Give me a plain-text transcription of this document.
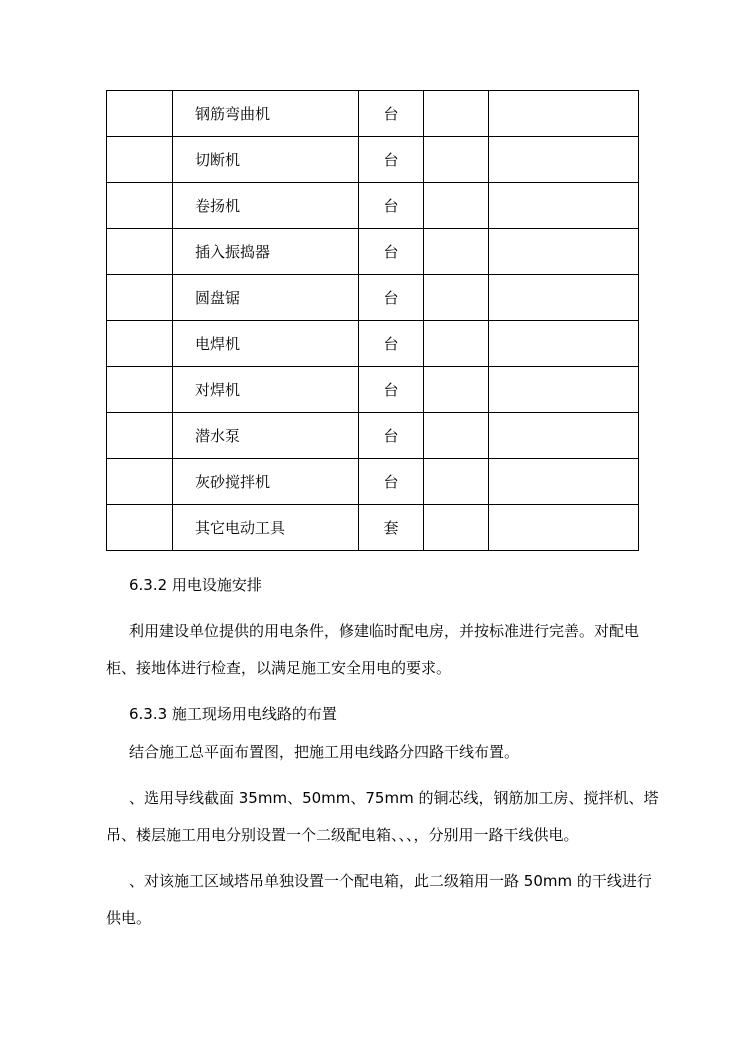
	钢筋弯曲机	台		
	切断机	台		
	卷扬机	台		
	插入振捣器	台		
	圆盘锯	台		
	电焊机	台		
	对焊机	台		
	潜水泵	台		
	灰砂搅拌机	台		
	其它电动工具	套		
6.3.2 用电设施安排
利用建设单位提供的用电条件，修建临时配电房，并按标准进行完善。对配电
柜、接地体进行检查，以满足施工安全用电的要求。
6.3.3 施工现场用电线路的布置
结合施工总平面布置图，把施工用电线路分四路干线布置。
、选用导线截面 35mm、50mm、75mm 的铜芯线，钢筋加工房、搅拌机、塔
吊、楼层施工用电分别设置一个二级配电箱、、、，分别用一路干线供电。
、对该施工区域塔吊单独设置一个配电箱，此二级箱用一路 50mm 的干线进行
供电。
